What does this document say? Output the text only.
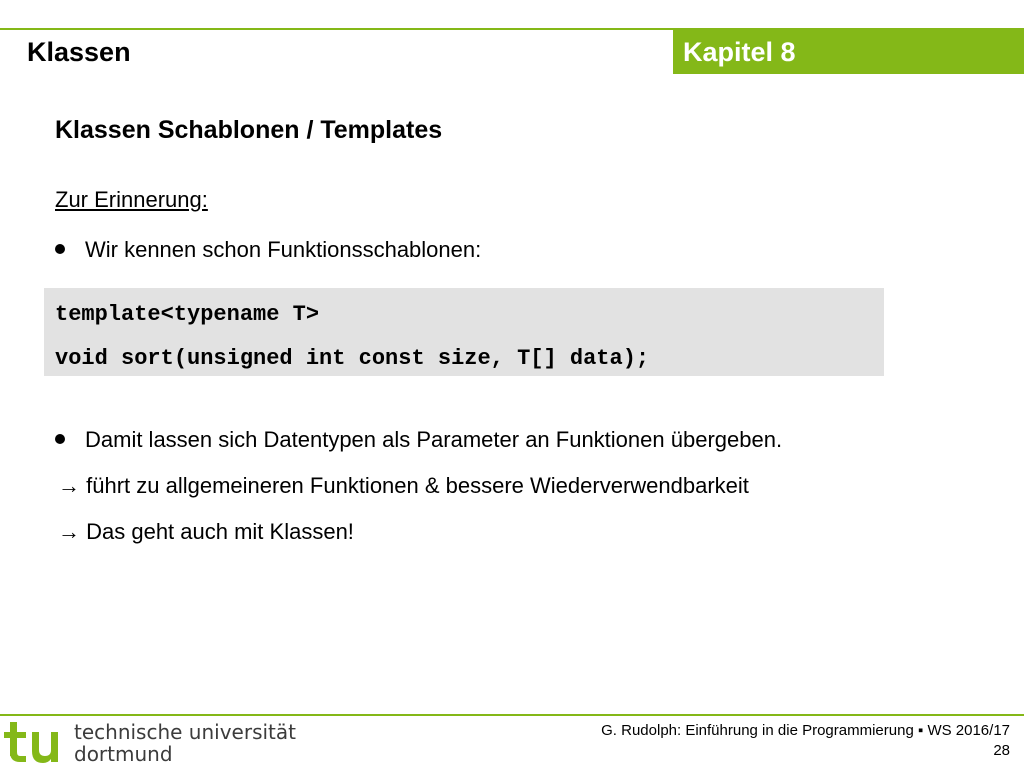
Klassen	Kapitel 8
Klassen Schablonen / Templates
Zur Erinnerung:
Wir kennen schon Funktionsschablonen:
template<typename T>
void sort(unsigned int const size, T[] data);
Damit lassen sich Datentypen als Parameter an Funktionen übergeben.
→ führt zu allgemeineren Funktionen & bessere Wiederverwendbarkeit
→ Das geht auch mit Klassen!
technische universität
dortmund
G. Rudolph: Einführung in die Programmierung ▪ WS 2016/17
28
